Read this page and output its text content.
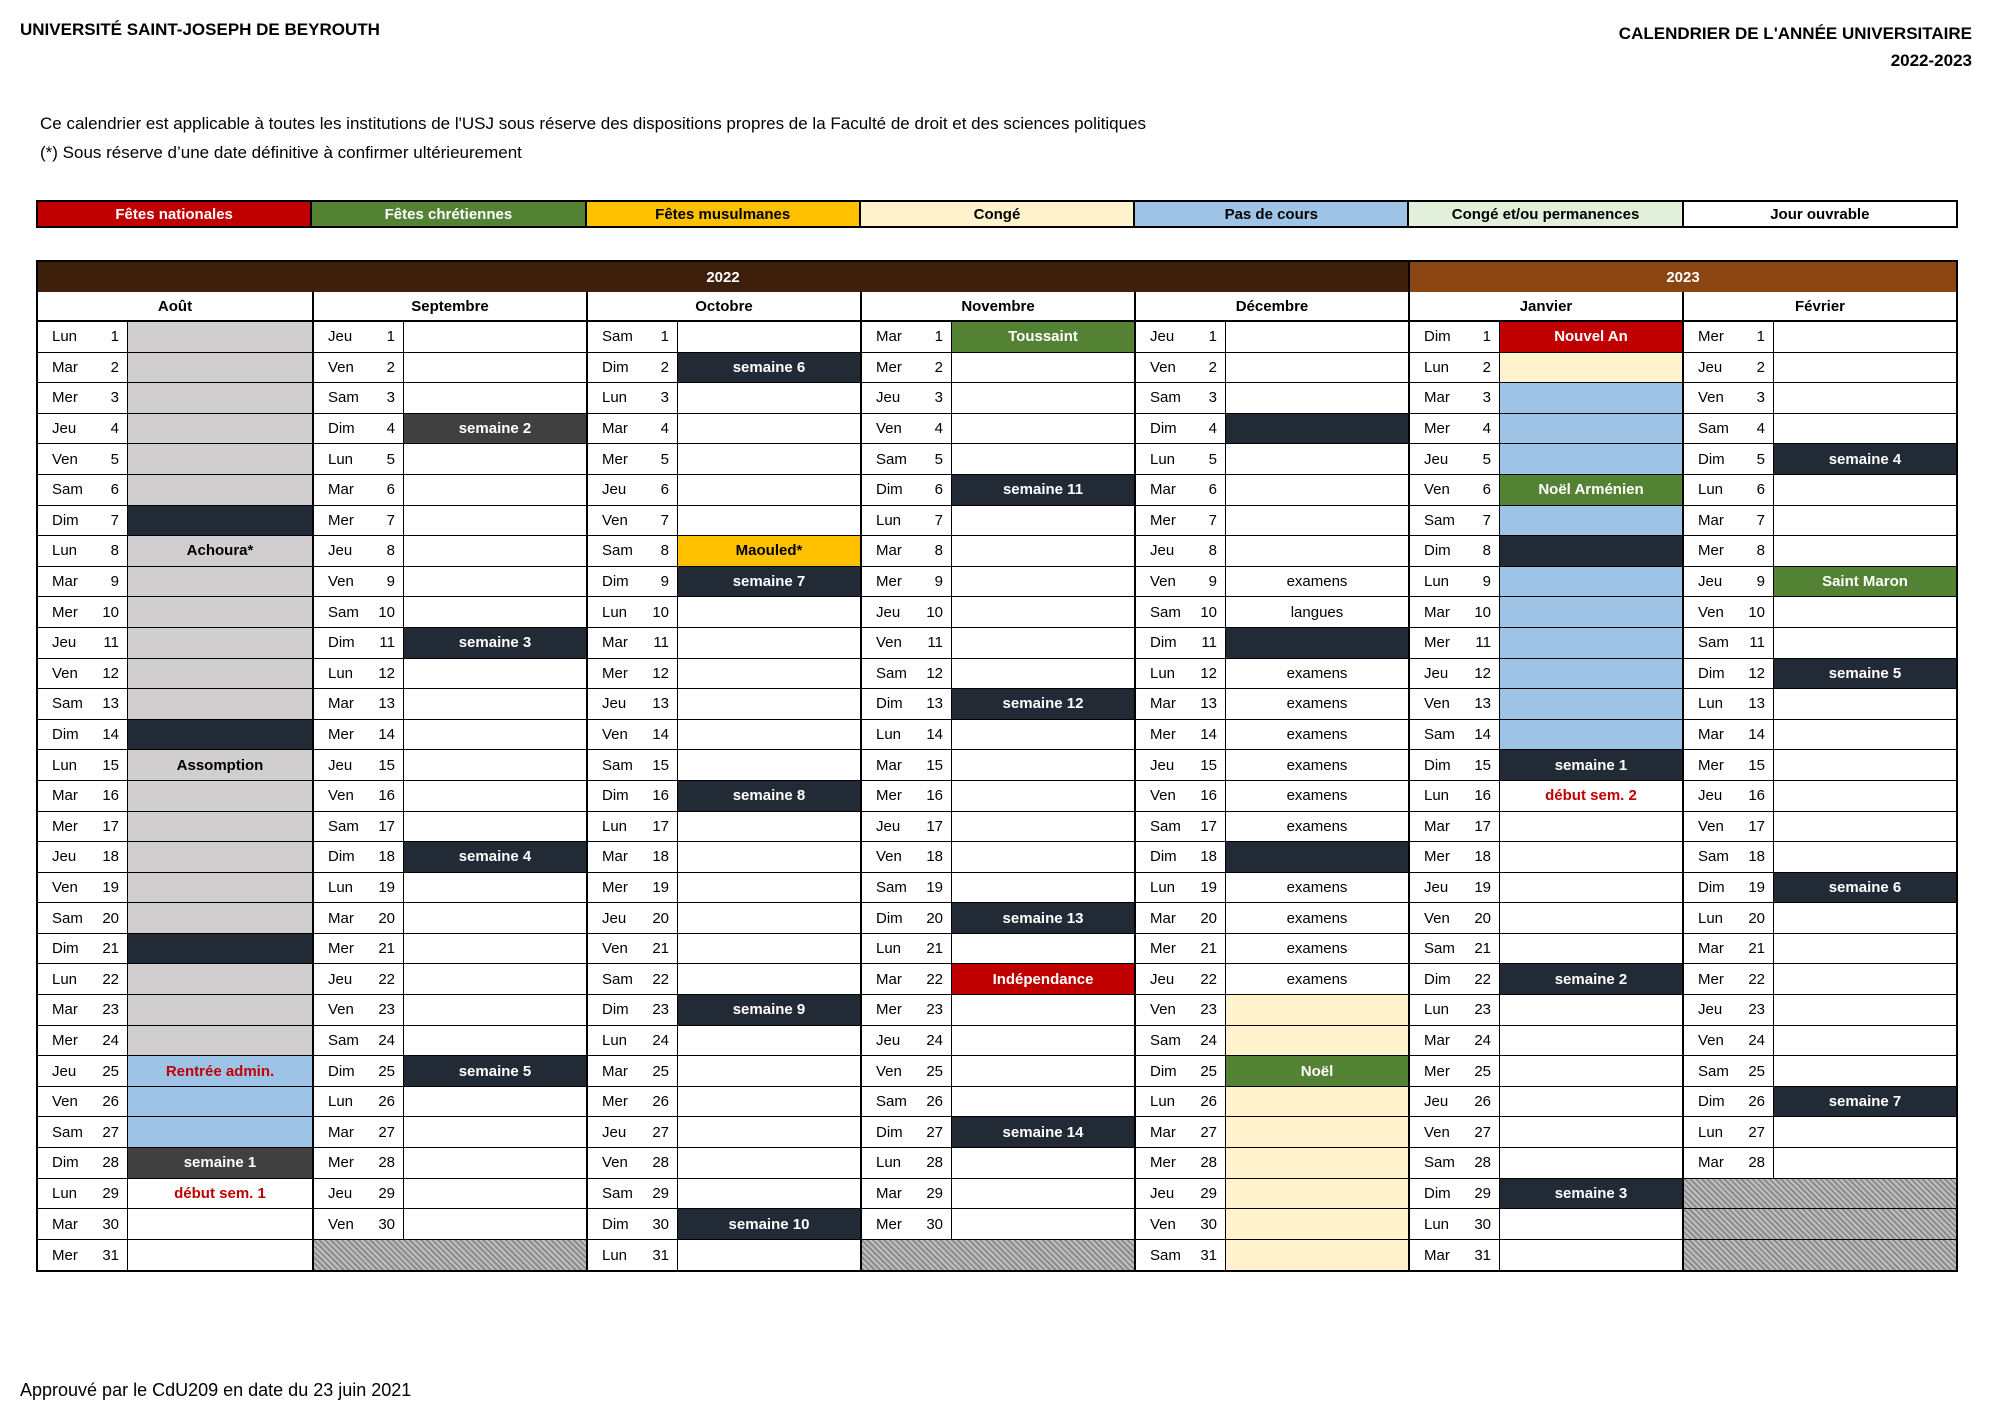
UNIVERSITÉ SAINT-JOSEPH DE BEYROUTH	CALENDRIER DE L'ANNÉE UNIVERSITAIRE
2022-2023
Ce calendrier est applicable à toutes les institutions de l'USJ sous réserve des dispositions propres de la Faculté de droit et des sciences politiques
(*) Sous réserve d’une date définitive à confirmer ultérieurement
Fêtes nationales	Fêtes chrétiennes	Fêtes musulmanes	Congé	Pas de cours	Congé et/ou permanences	Jour ouvrable
2022	2023
Août
Lun	1
Mar	2
Mer	3
Jeu	4
Ven	5
Sam	6
Dim	7
Lun	8	Achoura*
Mar	9
Mer	10
Jeu	11
Ven	12
Sam	13
Dim	14
Lun	15	Assomption
Mar	16
Mer	17
Jeu	18
Ven	19
Sam	20
Dim	21
Lun	22
Mar	23
Mer	24
Jeu	25	Rentrée admin.
Ven	26
Sam	27
Dim	28	semaine 1
Lun	29	début sem. 1
Mar	30
Mer	31
Septembre
Jeu	1
Ven	2
Sam	3
Dim	4	semaine 2
Lun	5
Mar	6
Mer	7
Jeu	8
Ven	9
Sam	10
Dim	11	semaine 3
Lun	12
Mar	13
Mer	14
Jeu	15
Ven	16
Sam	17
Dim	18	semaine 4
Lun	19
Mar	20
Mer	21
Jeu	22
Ven	23
Sam	24
Dim	25	semaine 5
Lun	26
Mar	27
Mer	28
Jeu	29
Ven	30
Octobre
Sam	1
Dim	2	semaine 6
Lun	3
Mar	4
Mer	5
Jeu	6
Ven	7
Sam	8	Maouled*
Dim	9	semaine 7
Lun	10
Mar	11
Mer	12
Jeu	13
Ven	14
Sam	15
Dim	16	semaine 8
Lun	17
Mar	18
Mer	19
Jeu	20
Ven	21
Sam	22
Dim	23	semaine 9
Lun	24
Mar	25
Mer	26
Jeu	27
Ven	28
Sam	29
Dim	30	semaine 10
Lun	31
Novembre
Mar	1	Toussaint
Mer	2
Jeu	3
Ven	4
Sam	5
Dim	6	semaine 11
Lun	7
Mar	8
Mer	9
Jeu	10
Ven	11
Sam	12
Dim	13	semaine 12
Lun	14
Mar	15
Mer	16
Jeu	17
Ven	18
Sam	19
Dim	20	semaine 13
Lun	21
Mar	22	Indépendance
Mer	23
Jeu	24
Ven	25
Sam	26
Dim	27	semaine 14
Lun	28
Mar	29
Mer	30
Décembre
Jeu	1
Ven	2
Sam	3
Dim	4
Lun	5
Mar	6
Mer	7
Jeu	8
Ven	9	examens
Sam	10	langues
Dim	11
Lun	12	examens
Mar	13	examens
Mer	14	examens
Jeu	15	examens
Ven	16	examens
Sam	17	examens
Dim	18
Lun	19	examens
Mar	20	examens
Mer	21	examens
Jeu	22	examens
Ven	23
Sam	24
Dim	25	Noël
Lun	26
Mar	27
Mer	28
Jeu	29
Ven	30
Sam	31
Janvier
Dim	1	Nouvel An
Lun	2
Mar	3
Mer	4
Jeu	5
Ven	6	Noël Arménien
Sam	7
Dim	8
Lun	9
Mar	10
Mer	11
Jeu	12
Ven	13
Sam	14
Dim	15	semaine 1
Lun	16	début sem. 2
Mar	17
Mer	18
Jeu	19
Ven	20
Sam	21
Dim	22	semaine 2
Lun	23
Mar	24
Mer	25
Jeu	26
Ven	27
Sam	28
Dim	29	semaine 3
Lun	30
Mar	31
Février
Mer	1
Jeu	2
Ven	3
Sam	4
Dim	5	semaine 4
Lun	6
Mar	7
Mer	8
Jeu	9	Saint Maron
Ven	10
Sam	11
Dim	12	semaine 5
Lun	13
Mar	14
Mer	15
Jeu	16
Ven	17
Sam	18
Dim	19	semaine 6
Lun	20
Mar	21
Mer	22
Jeu	23
Ven	24
Sam	25
Dim	26	semaine 7
Lun	27
Mar	28
Approuvé par le CdU209 en date du 23 juin 2021
